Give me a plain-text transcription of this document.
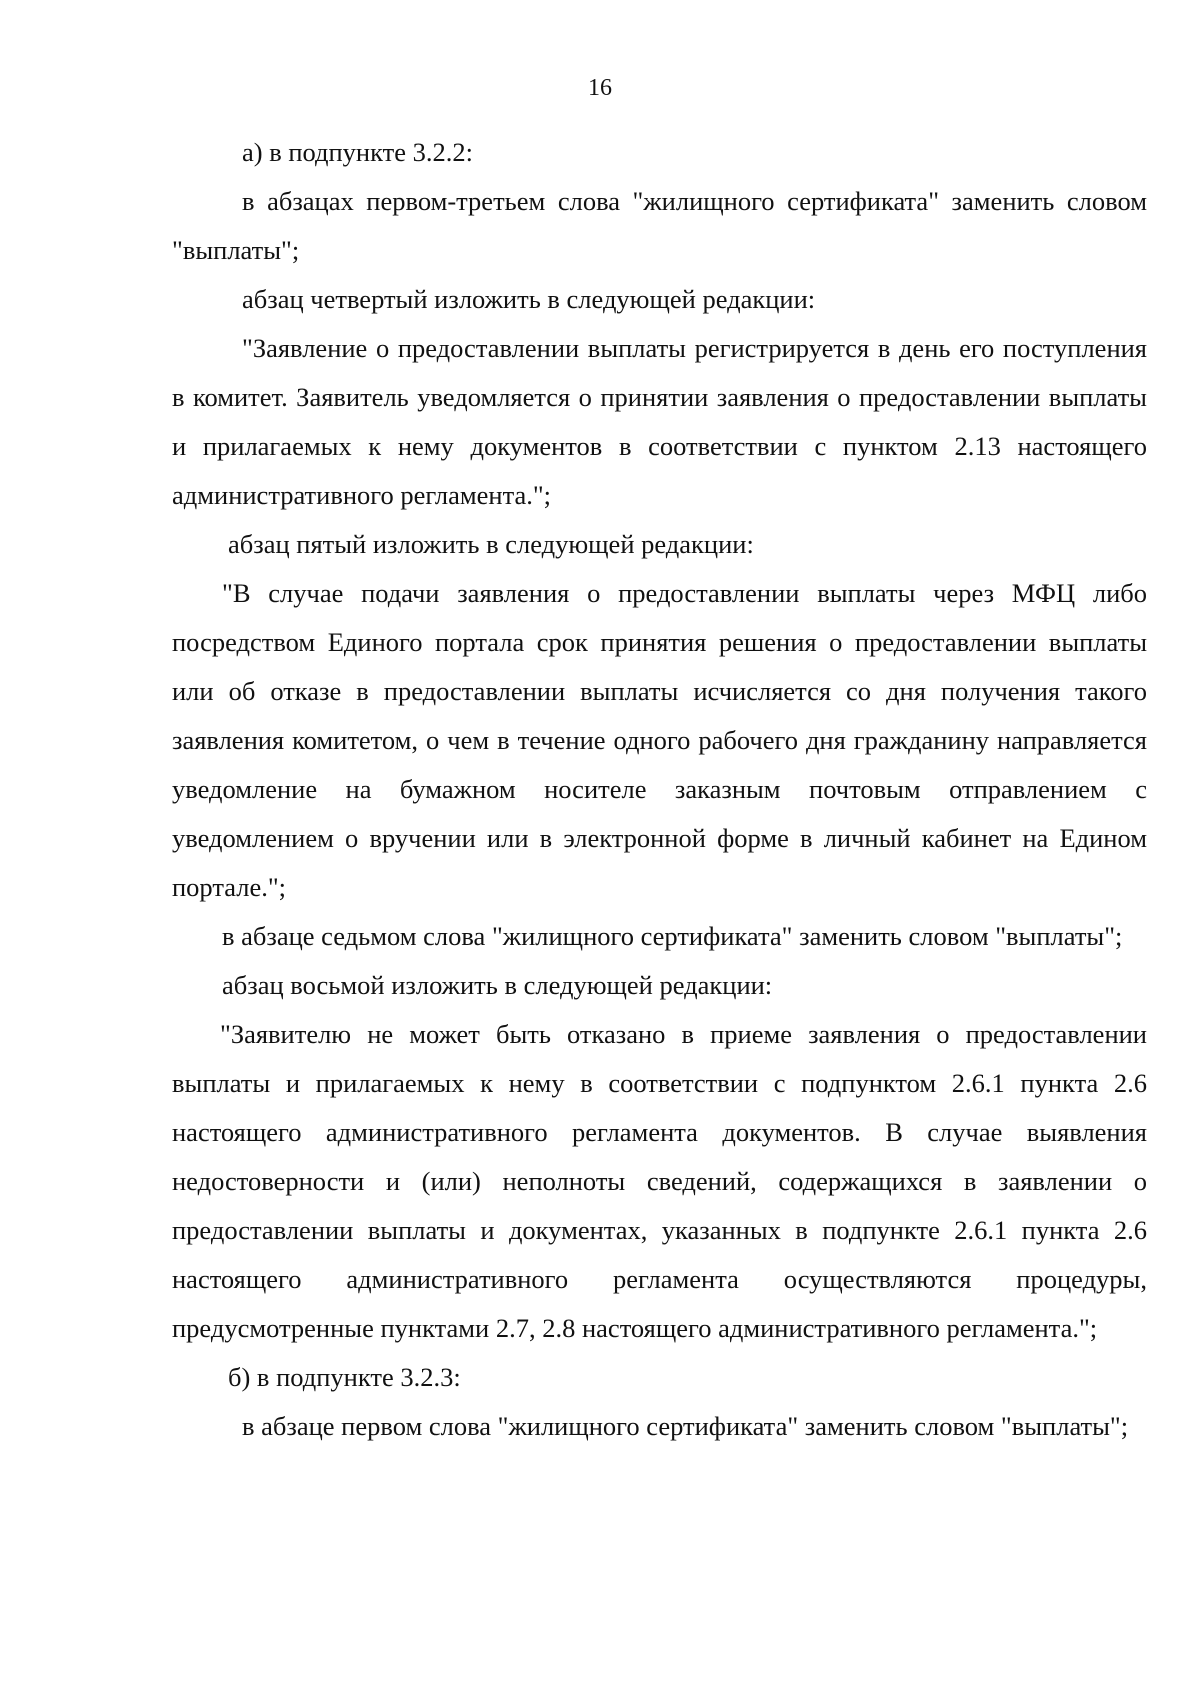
16

а) в подпункте 3.2.2:

в абзацах первом-третьем слова "жилищного сертификата" заменить словом "выплаты";

абзац четвертый изложить в следующей редакции:

"Заявление о предоставлении выплаты регистрируется в день его поступления в комитет. Заявитель уведомляется о принятии заявления о предоставлении выплаты и прилагаемых к нему документов в соответствии с пунктом 2.13 настоящего административного регламента.";

абзац пятый изложить в следующей редакции:

"В случае подачи заявления о предоставлении выплаты через МФЦ либо посредством Единого портала срок принятия решения о предоставлении выплаты или об отказе в предоставлении выплаты исчисляется со дня получения такого заявления комитетом, о чем в течение одного рабочего дня гражданину направляется уведомление на бумажном носителе заказным почтовым отправлением с уведомлением о вручении или в электронной форме в личный кабинет на Едином портале.";

в абзаце седьмом слова "жилищного сертификата" заменить словом "выплаты";

абзац восьмой изложить в следующей редакции:

"Заявителю не может быть отказано в приеме заявления о предоставлении выплаты и прилагаемых к нему в соответствии с подпунктом 2.6.1 пункта 2.6 настоящего административного регламента документов. В случае выявления недостоверности и (или) неполноты сведений, содержащихся в заявлении о предоставлении выплаты и документах, указанных в подпункте 2.6.1 пункта 2.6 настоящего административного регламента осуществляются процедуры, предусмотренные пунктами 2.7, 2.8 настоящего административного регламента.";

б) в подпункте 3.2.3:

в абзаце первом слова "жилищного сертификата" заменить словом "выплаты";
